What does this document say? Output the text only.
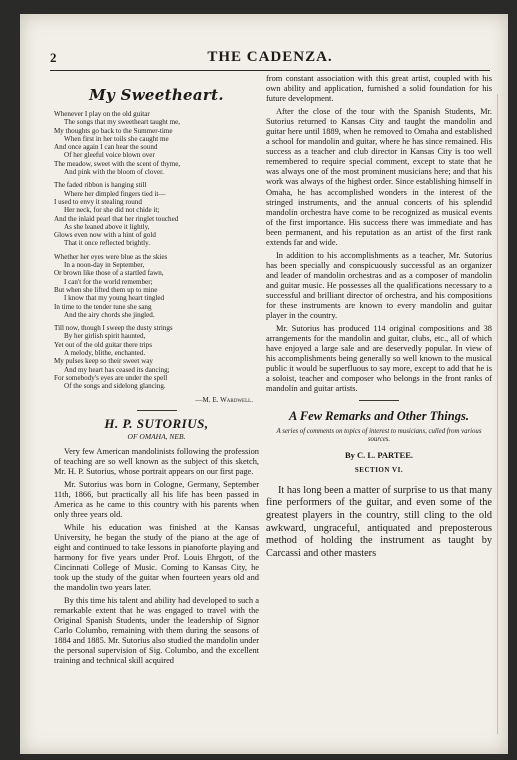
2	THE CADENZA.
My Sweetheart.
Whenever I play on the old guitar
The songs that my sweetheart taught me,
My thoughts go back to the Summer-time
When first in her toils she caught me
And once again I can hear the sound
Of her gleeful voice blown over
The meadow, sweet with the scent of thyme,
And pink with the bloom of clover.
The faded ribbon is hanging still
Where her dimpled fingers tied it—
I used to envy it stealing round
Her neck, for she did not chide it;
And the inlaid pearl that her ringlet touched
As she leaned above it lightly,
Glows even now with a hint of gold
That it once reflected brightly.
Whether her eyes were blue as the skies
In a noon-day in September,
Or brown like those of a startled fawn,
I can't for the world remember;
But when she lifted them up to mine
I know that my young heart tingled
In time to the tender tune she sang
And the airy chords she jingled.
Till now, though I sweep the dusty strings
By her girlish spirit haunted,
Yet out of the old guitar there trips
A melody, blithe, enchanted.
My pulses keep so their sweet way
And my heart has ceased its dancing;
For somebody's eyes are under the spell
Of the songs and sidelong glancing.
—M. E. Wardwell.
H. P. SUTORIUS,
OF OMAHA, NEB.

Very few American mandolinists following the profession of teaching are so well known as the subject of this sketch, Mr. H. P. Sutorius, whose portrait appears on our first page.

Mr. Sutorius was born in Cologne, Germany, September 11th, 1866, but practically all his life has been passed in America as he came to this country with his parents when only three years old.

While his education was finished at the Kansas University, he began the study of the piano at the age of eight and continued to take lessons in pianoforte playing and harmony for five years under Prof. Louis Ehrgott, of the Cincinnati College of Music. Coming to Kansas City, he took up the study of the guitar when fourteen years old and the mandolin two years later.

By this time his talent and ability had developed to such a remarkable extent that he was engaged to travel with the Original Spanish Students, under the leadership of Signor Carlo Columbo, remaining with them during the seasons of 1884 and 1885. Mr. Sutorius also studied the mandolin under the personal supervision of Sig. Columbo, and the excellent training and technical skill acquired

from constant association with this great artist, coupled with his own ability and application, furnished a solid foundation for his future development.

After the close of the tour with the Spanish Students, Mr. Sutorius returned to Kansas City and taught the mandolin and guitar here until 1889, when he removed to Omaha and established a school for mandolin and guitar, where he has since remained. His success as a teacher and club director in Kansas City is too well remembered to require special comment, except to state that he was always one of the most prominent musicians here; and that his work was always of the highest order. Since establishing himself in Omaha, he has accomplished wonders in the interest of the stringed instruments, and the annual concerts of his splendid mandolin orchestra have come to be recognized as musical events of the first importance. His success there was immediate and has been permanent, and his reputation as an artist of the first rank extends far and wide.

In addition to his accomplishments as a teacher, Mr. Sutorius has been specially and conspicuously successful as an organizer and leader of mandolin orchestras and as a composer of mandolin and guitar music. He possesses all the qualifications necessary to a successful and brilliant director of orchestra, and his compositions for these instruments are known to every mandolin and guitar player in the country.

Mr. Sutorius has produced 114 original compositions and 38 arrangements for the mandolin and guitar, clubs, etc., all of which have enjoyed a large sale and are deservedly popular. In view of his accomplishments being generally so well known to the musical public it would be superfluous to say more, except to add that he is a soloist, teacher and composer who belongs in the front ranks of mandolin and guitar artists.

A Few Remarks and Other Things.
A series of comments on topics of interest to musicians, culled from various sources.
By C. L. PARTEE.
SECTION VI.

It has long been a matter of surprise to us that many fine performers of the guitar, and even some of the greatest players in the country, still cling to the old awkward, ungraceful, antiquated and preposterous method of holding the instrument as taught by Carcassi and other masters
